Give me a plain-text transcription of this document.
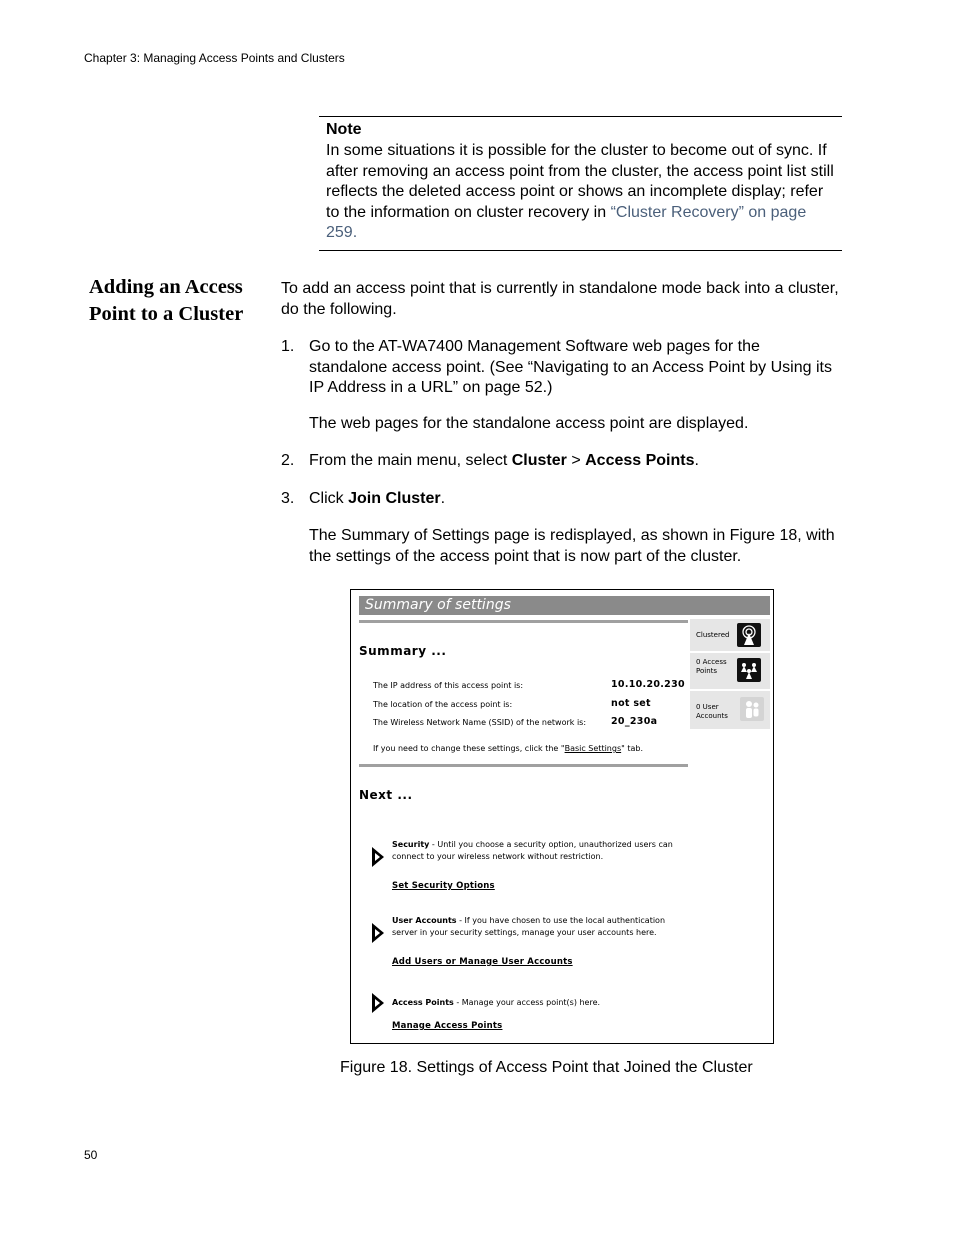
Chapter 3: Managing Access Points and Clusters
Note
In some situations it is possible for the cluster to become out of sync. If after removing an access point from the cluster, the access point list still reflects the deleted access point or shows an incomplete display; refer to the information on cluster recovery in “Cluster Recovery” on page 259.
Adding an Access Point to a Cluster
To add an access point that is currently in standalone mode back into a cluster, do the following.
1. Go to the AT-WA7400 Management Software web pages for the standalone access point. (See “Navigating to an Access Point by Using its IP Address in a URL” on page 52.)
The web pages for the standalone access point are displayed.
2. From the main menu, select Cluster > Access Points.
3. Click Join Cluster.
The Summary of Settings page is redisplayed, as shown in Figure 18, with the settings of the access point that is now part of the cluster.
Summary of settings
Summary ...
The IP address of this access point is:	10.10.20.230
The location of the access point is:	not set
The Wireless Network Name (SSID) of the network is:	20_230a
If you need to change these settings, click the "Basic Settings" tab.
Next ...
Clustered
0 Access Points
0 User Accounts
Security - Until you choose a security option, unauthorized users can connect to your wireless network without restriction.
Set Security Options
User Accounts - If you have chosen to use the local authentication server in your security settings, manage your user accounts here.
Add Users or Manage User Accounts
Access Points - Manage your access point(s) here.
Manage Access Points
Figure 18. Settings of Access Point that Joined the Cluster
50
